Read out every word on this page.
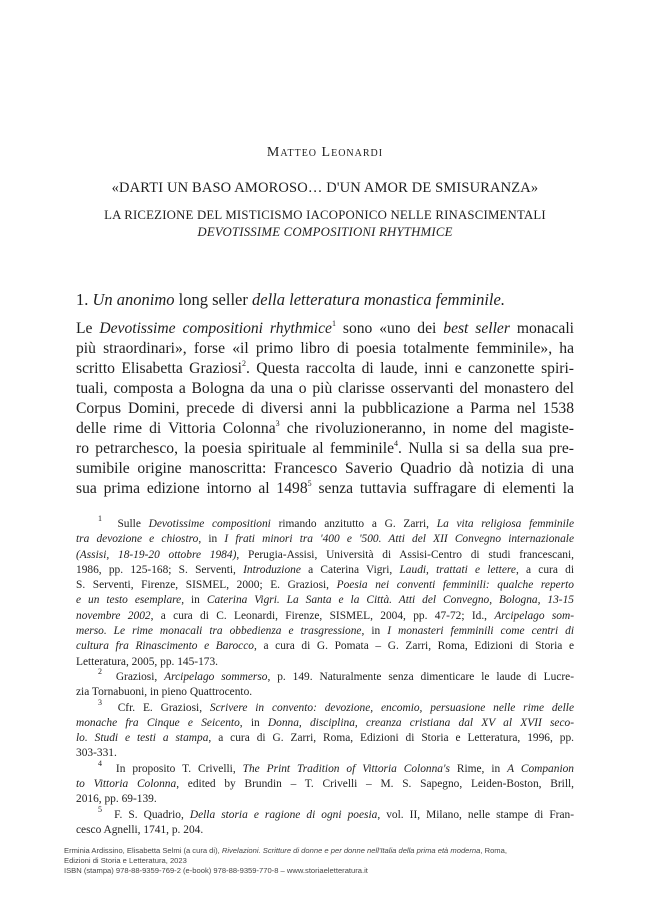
Matteo Leonardi
«DARTI UN BASO AMOROSO… D'UN AMOR DE SMISURANZA»
LA RICEZIONE DEL MISTICISMO IACOPONICO NELLE RINASCIMENTALI
DEVOTISSIME COMPOSITIONI RHYTHMICE
1. Un anonimo long seller della letteratura monastica femminile.
Le Devotissime compositioni rhythmice$^1$ sono «uno dei best seller monacali
più straordinari», forse «il primo libro di poesia totalmente femminile», ha
scritto Elisabetta Graziosi$^2$. Questa raccolta di laude, inni e canzonette spiri-
tuali, composta a Bologna da una o più clarisse osservanti del monastero del
Corpus Domini, precede di diversi anni la pubblicazione a Parma nel 1538
delle rime di Vittoria Colonna$^3$ che rivoluzioneranno, in nome del magiste-
ro petrarchesco, la poesia spirituale al femminile$^4$. Nulla si sa della sua pre-
sumibile origine manoscritta: Francesco Saverio Quadrio dà notizia di una
sua prima edizione intorno al 1498$^5$ senza tuttavia suffragare di elementi la
$^1$ Sulle Devotissime compositioni rimando anzitutto a G. Zarri, La vita religiosa femminile
tra devozione e chiostro, in I frati minori tra '400 e '500. Atti del XII Convegno internazionale
(Assisi, 18-19-20 ottobre 1984), Perugia-Assisi, Università di Assisi-Centro di studi francescani,
1986, pp. 125-168; S. Serventi, Introduzione a Caterina Vigri, Laudi, trattati e lettere, a cura di
S. Serventi, Firenze, SISMEL, 2000; E. Graziosi, Poesia nei conventi femminili: qualche reperto
e un testo esemplare, in Caterina Vigri. La Santa e la Città. Atti del Convegno, Bologna, 13-15
novembre 2002, a cura di C. Leonardi, Firenze, SISMEL, 2004, pp. 47-72; Id., Arcipelago som-
merso. Le rime monacali tra obbedienza e trasgressione, in I monasteri femminili come centri di
cultura fra Rinascimento e Barocco, a cura di G. Pomata – G. Zarri, Roma, Edizioni di Storia e
Letteratura, 2005, pp. 145-173.
$^2$ Graziosi, Arcipelago sommerso, p. 149. Naturalmente senza dimenticare le laude di Lucre-
zia Tornabuoni, in pieno Quattrocento.
$^3$ Cfr. E. Graziosi, Scrivere in convento: devozione, encomio, persuasione nelle rime delle
monache fra Cinque e Seicento, in Donna, disciplina, creanza cristiana dal XV al XVII seco-
lo. Studi e testi a stampa, a cura di G. Zarri, Roma, Edizioni di Storia e Letteratura, 1996, pp.
303-331.
$^4$ In proposito T. Crivelli, The Print Tradition of Vittoria Colonna's Rime, in A Companion
to Vittoria Colonna, edited by Brundin – T. Crivelli – M. S. Sapegno, Leiden-Boston, Brill,
2016, pp. 69-139.
$^5$ F. S. Quadrio, Della storia e ragione di ogni poesia, vol. II, Milano, nelle stampe di Fran-
cesco Agnelli, 1741, p. 204.
Erminia Ardissino, Elisabetta Selmi (a cura di), Rivelazioni. Scritture di donne e per donne nell'Italia della prima età moderna, Roma,
Edizioni di Storia e Letteratura, 2023
ISBN (stampa) 978-88-9359-769-2 (e-book) 978-88-9359-770-8 – www.storiaeletteratura.it
